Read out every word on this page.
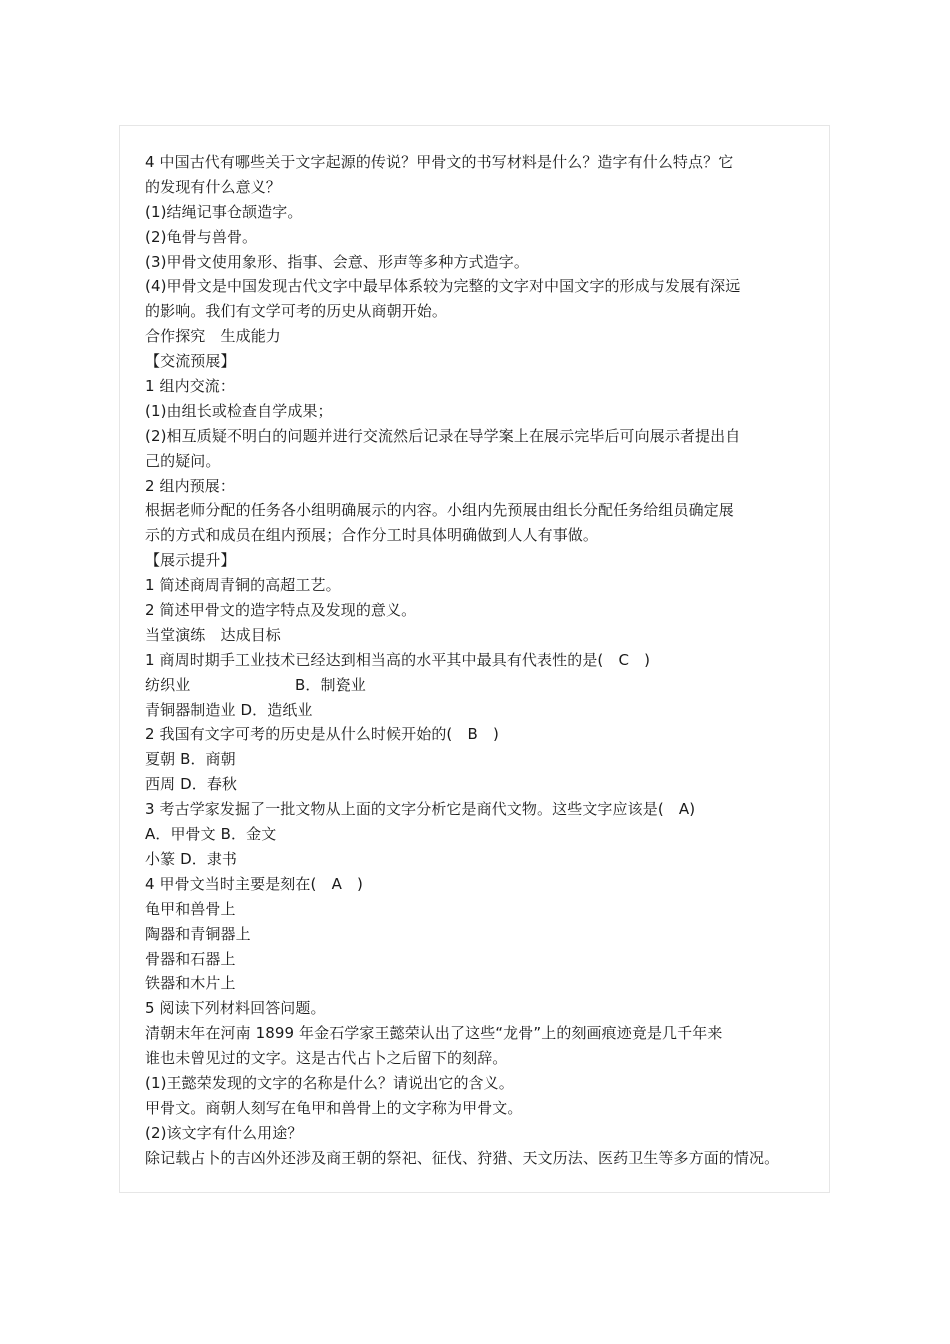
4 中国古代有哪些关于文字起源的传说？甲骨文的书写材料是什么？造字有什么特点？它
的发现有什么意义？
(1)结绳记事仓颉造字。
(2)龟骨与兽骨。
(3)甲骨文使用象形、指事、会意、形声等多种方式造字。
(4)甲骨文是中国发现古代文字中最早体系较为完整的文字对中国文字的形成与发展有深远
的影响。我们有文学可考的历史从商朝开始。
合作探究　生成能力
【交流预展】
1 组内交流：
(1)由组长或检查自学成果；
(2)相互质疑不明白的问题并进行交流然后记录在导学案上在展示完毕后可向展示者提出自
己的疑问。
2 组内预展：
根据老师分配的任务各小组明确展示的内容。小组内先预展由组长分配任务给组员确定展
示的方式和成员在组内预展；合作分工时具体明确做到人人有事做。
【展示提升】
1 简述商周青铜的高超工艺。
2 简述甲骨文的造字特点及发现的意义。
当堂演练　达成目标
1 商周时期手工业技术已经达到相当高的水平其中最具有代表性的是(　C　)
纺织业	B．制瓷业
青铜器制造业 D．造纸业
2 我国有文字可考的历史是从什么时候开始的(　B　)
夏朝 B．商朝
西周 D．春秋
3 考古学家发掘了一批文物从上面的文字分析它是商代文物。这些文字应该是(　A)
A．甲骨文 B．金文
小篆 D．隶书
4 甲骨文当时主要是刻在(　A　)
龟甲和兽骨上
陶器和青铜器上
骨器和石器上
铁器和木片上
5 阅读下列材料回答问题。
清朝末年在河南 1899 年金石学家王懿荣认出了这些“龙骨”上的刻画痕迹竟是几千年来
谁也未曾见过的文字。这是古代占卜之后留下的刻辞。
(1)王懿荣发现的文字的名称是什么？请说出它的含义。
甲骨文。商朝人刻写在龟甲和兽骨上的文字称为甲骨文。
(2)该文字有什么用途？
除记载占卜的吉凶外还涉及商王朝的祭祀、征伐、狩猎、天文历法、医药卫生等多方面的情况。
